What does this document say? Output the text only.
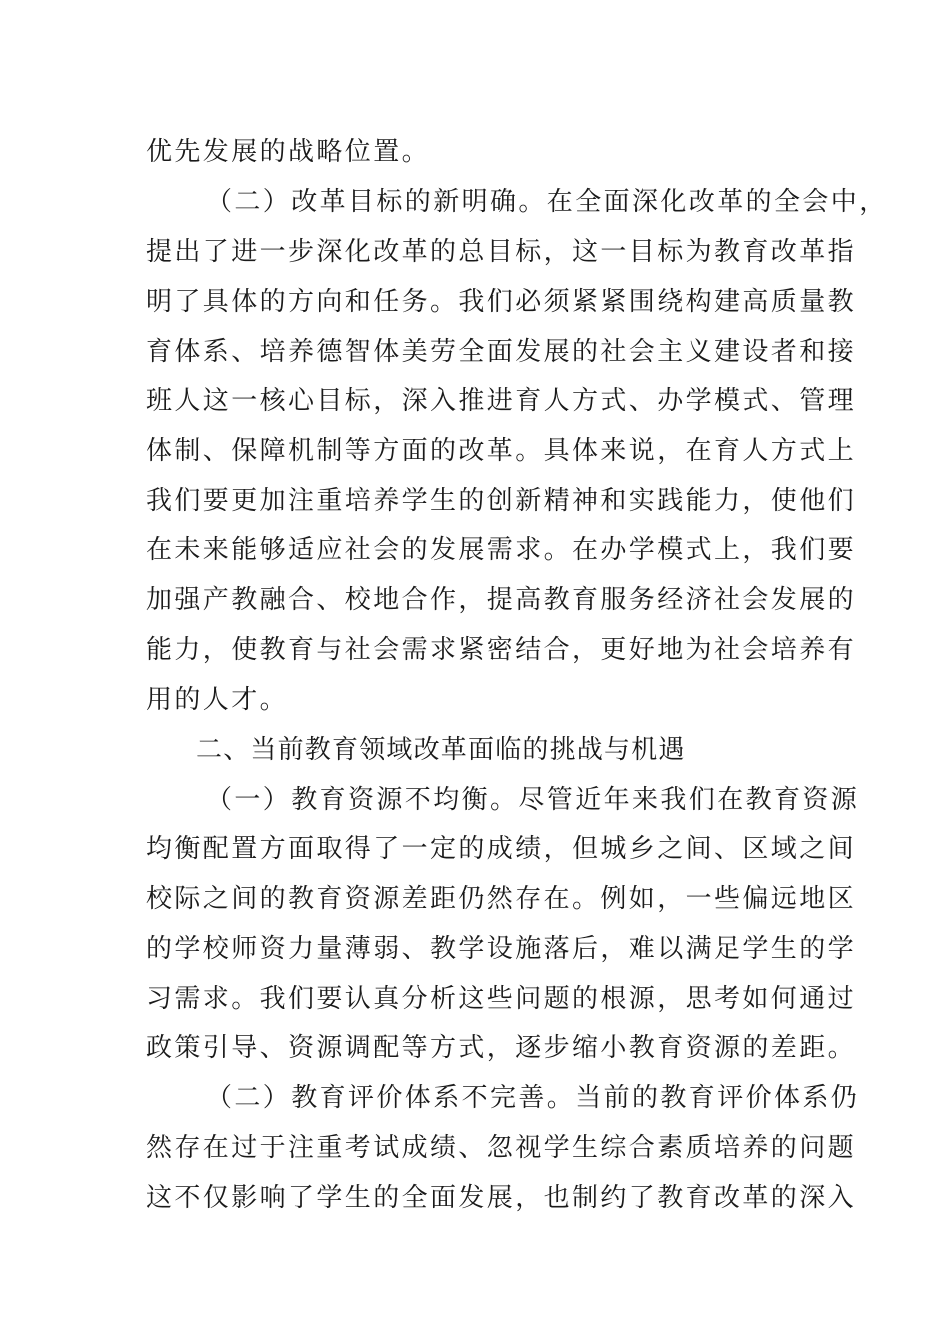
优先发展的战略位置。

（二）改革目标的新明确。在全面深化改革的全会中，

提出了进一步深化改革的总目标，这一目标为教育改革指

明了具体的方向和任务。我们必须紧紧围绕构建高质量教

育体系、培养德智体美劳全面发展的社会主义建设者和接

班人这一核心目标，深入推进育人方式、办学模式、管理

体制、保障机制等方面的改革。具体来说，在育人方式上

我们要更加注重培养学生的创新精神和实践能力，使他们

在未来能够适应社会的发展需求。在办学模式上，我们要

加强产教融合、校地合作，提高教育服务经济社会发展的

能力，使教育与社会需求紧密结合，更好地为社会培养有

用的人才。

二、当前教育领域改革面临的挑战与机遇

（一）教育资源不均衡。尽管近年来我们在教育资源

均衡配置方面取得了一定的成绩，但城乡之间、区域之间

校际之间的教育资源差距仍然存在。例如，一些偏远地区

的学校师资力量薄弱、教学设施落后，难以满足学生的学

习需求。我们要认真分析这些问题的根源，思考如何通过

政策引导、资源调配等方式，逐步缩小教育资源的差距。

（二）教育评价体系不完善。当前的教育评价体系仍

然存在过于注重考试成绩、忽视学生综合素质培养的问题

这不仅影响了学生的全面发展，也制约了教育改革的深入
